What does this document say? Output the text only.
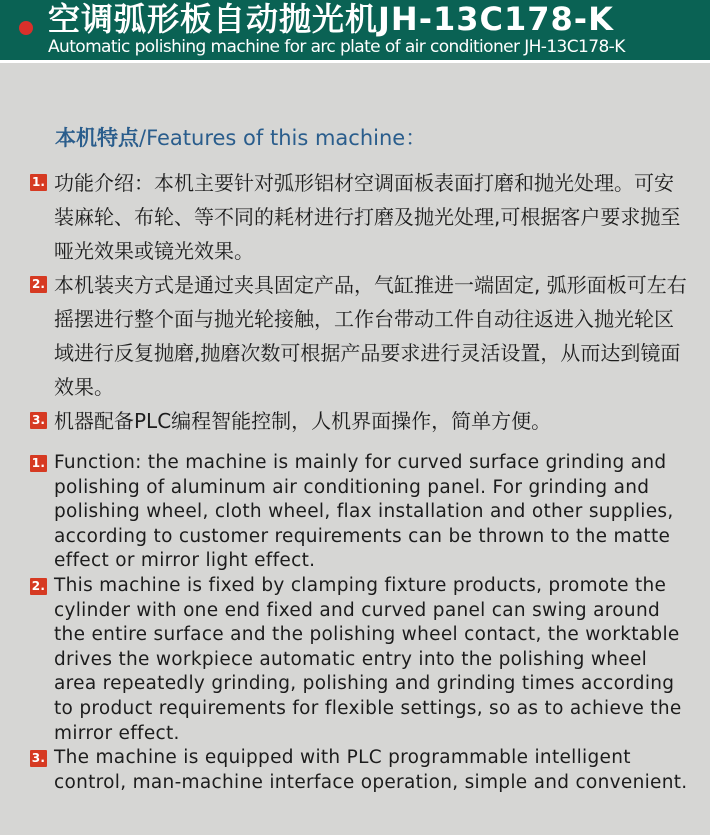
空调弧形板自动抛光机JH-13C178-K
Automatic polishing machine for arc plate of air conditioner JH-13C178-K
本机特点/Features of this machine：
1. 功能介绍：本机主要针对弧形铝材空调面板表面打磨和抛光处理。可安装麻轮、布轮、等不同的耗材进行打磨及抛光处理,可根据客户要求抛至哑光效果或镜光效果。
2. 本机装夹方式是通过夹具固定产品，气缸推进一端固定, 弧形面板可左右摇摆进行整个面与抛光轮接触，工作台带动工件自动往返进入抛光轮区域进行反复抛磨,抛磨次数可根据产品要求进行灵活设置，从而达到镜面效果。
3. 机器配备PLC编程智能控制，人机界面操作，简单方便。
1. Function: the machine is mainly for curved surface grinding and polishing of aluminum air conditioning panel. For grinding and polishing wheel, cloth wheel, flax installation and other supplies, according to customer requirements can be thrown to the matte effect or mirror light effect.
2. This machine is fixed by clamping fixture products, promote the cylinder with one end fixed and curved panel can swing around the entire surface and the polishing wheel contact, the worktable drives the workpiece automatic entry into the polishing wheel area repeatedly grinding, polishing and grinding times according to product requirements for flexible settings, so as to achieve the mirror effect.
3. The machine is equipped with PLC programmable intelligent control, man-machine interface operation, simple and convenient.
